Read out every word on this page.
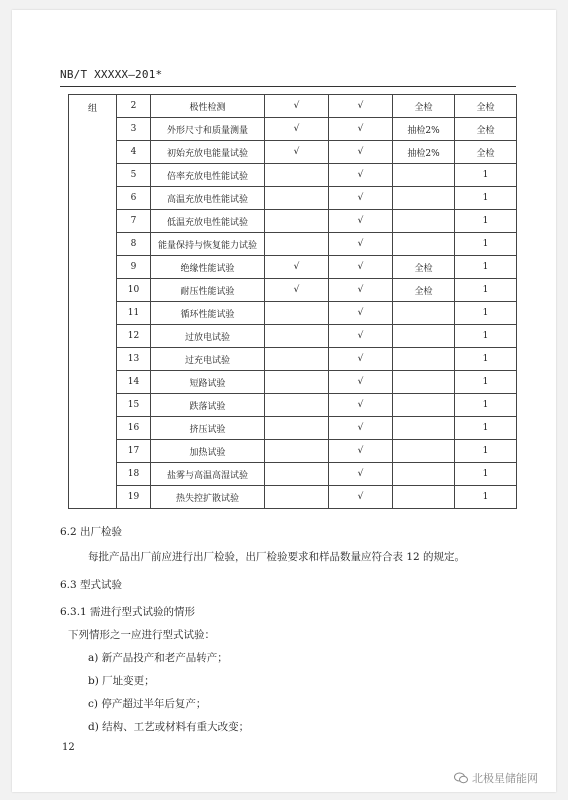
NB/T XXXXX—201*
组	2	极性检测	√	√	全检	全检
	3	外形尺寸和质量测量	√	√	抽检2%	全检
	4	初始充放电能量试验	√	√	抽检2%	全检
	5	倍率充放电性能试验		√		1
	6	高温充放电性能试验		√		1
	7	低温充放电性能试验		√		1
	8	能量保持与恢复能力试验		√		1
	9	绝缘性能试验	√	√	全检	1
	10	耐压性能试验	√	√	全检	1
	11	循环性能试验		√		1
	12	过放电试验		√		1
	13	过充电试验		√		1
	14	短路试验		√		1
	15	跌落试验		√		1
	16	挤压试验		√		1
	17	加热试验		√		1
	18	盐雾与高温高湿试验		√		1
	19	热失控扩散试验		√		1
6.2 出厂检验
每批产品出厂前应进行出厂检验，出厂检验要求和样品数量应符合表 12 的规定。
6.3 型式试验
6.3.1 需进行型式试验的情形
下列情形之一应进行型式试验：
a) 新产品投产和老产品转产；
b) 厂址变更；
c) 停产超过半年后复产；
d) 结构、工艺或材料有重大改变；
12
北极星储能网
